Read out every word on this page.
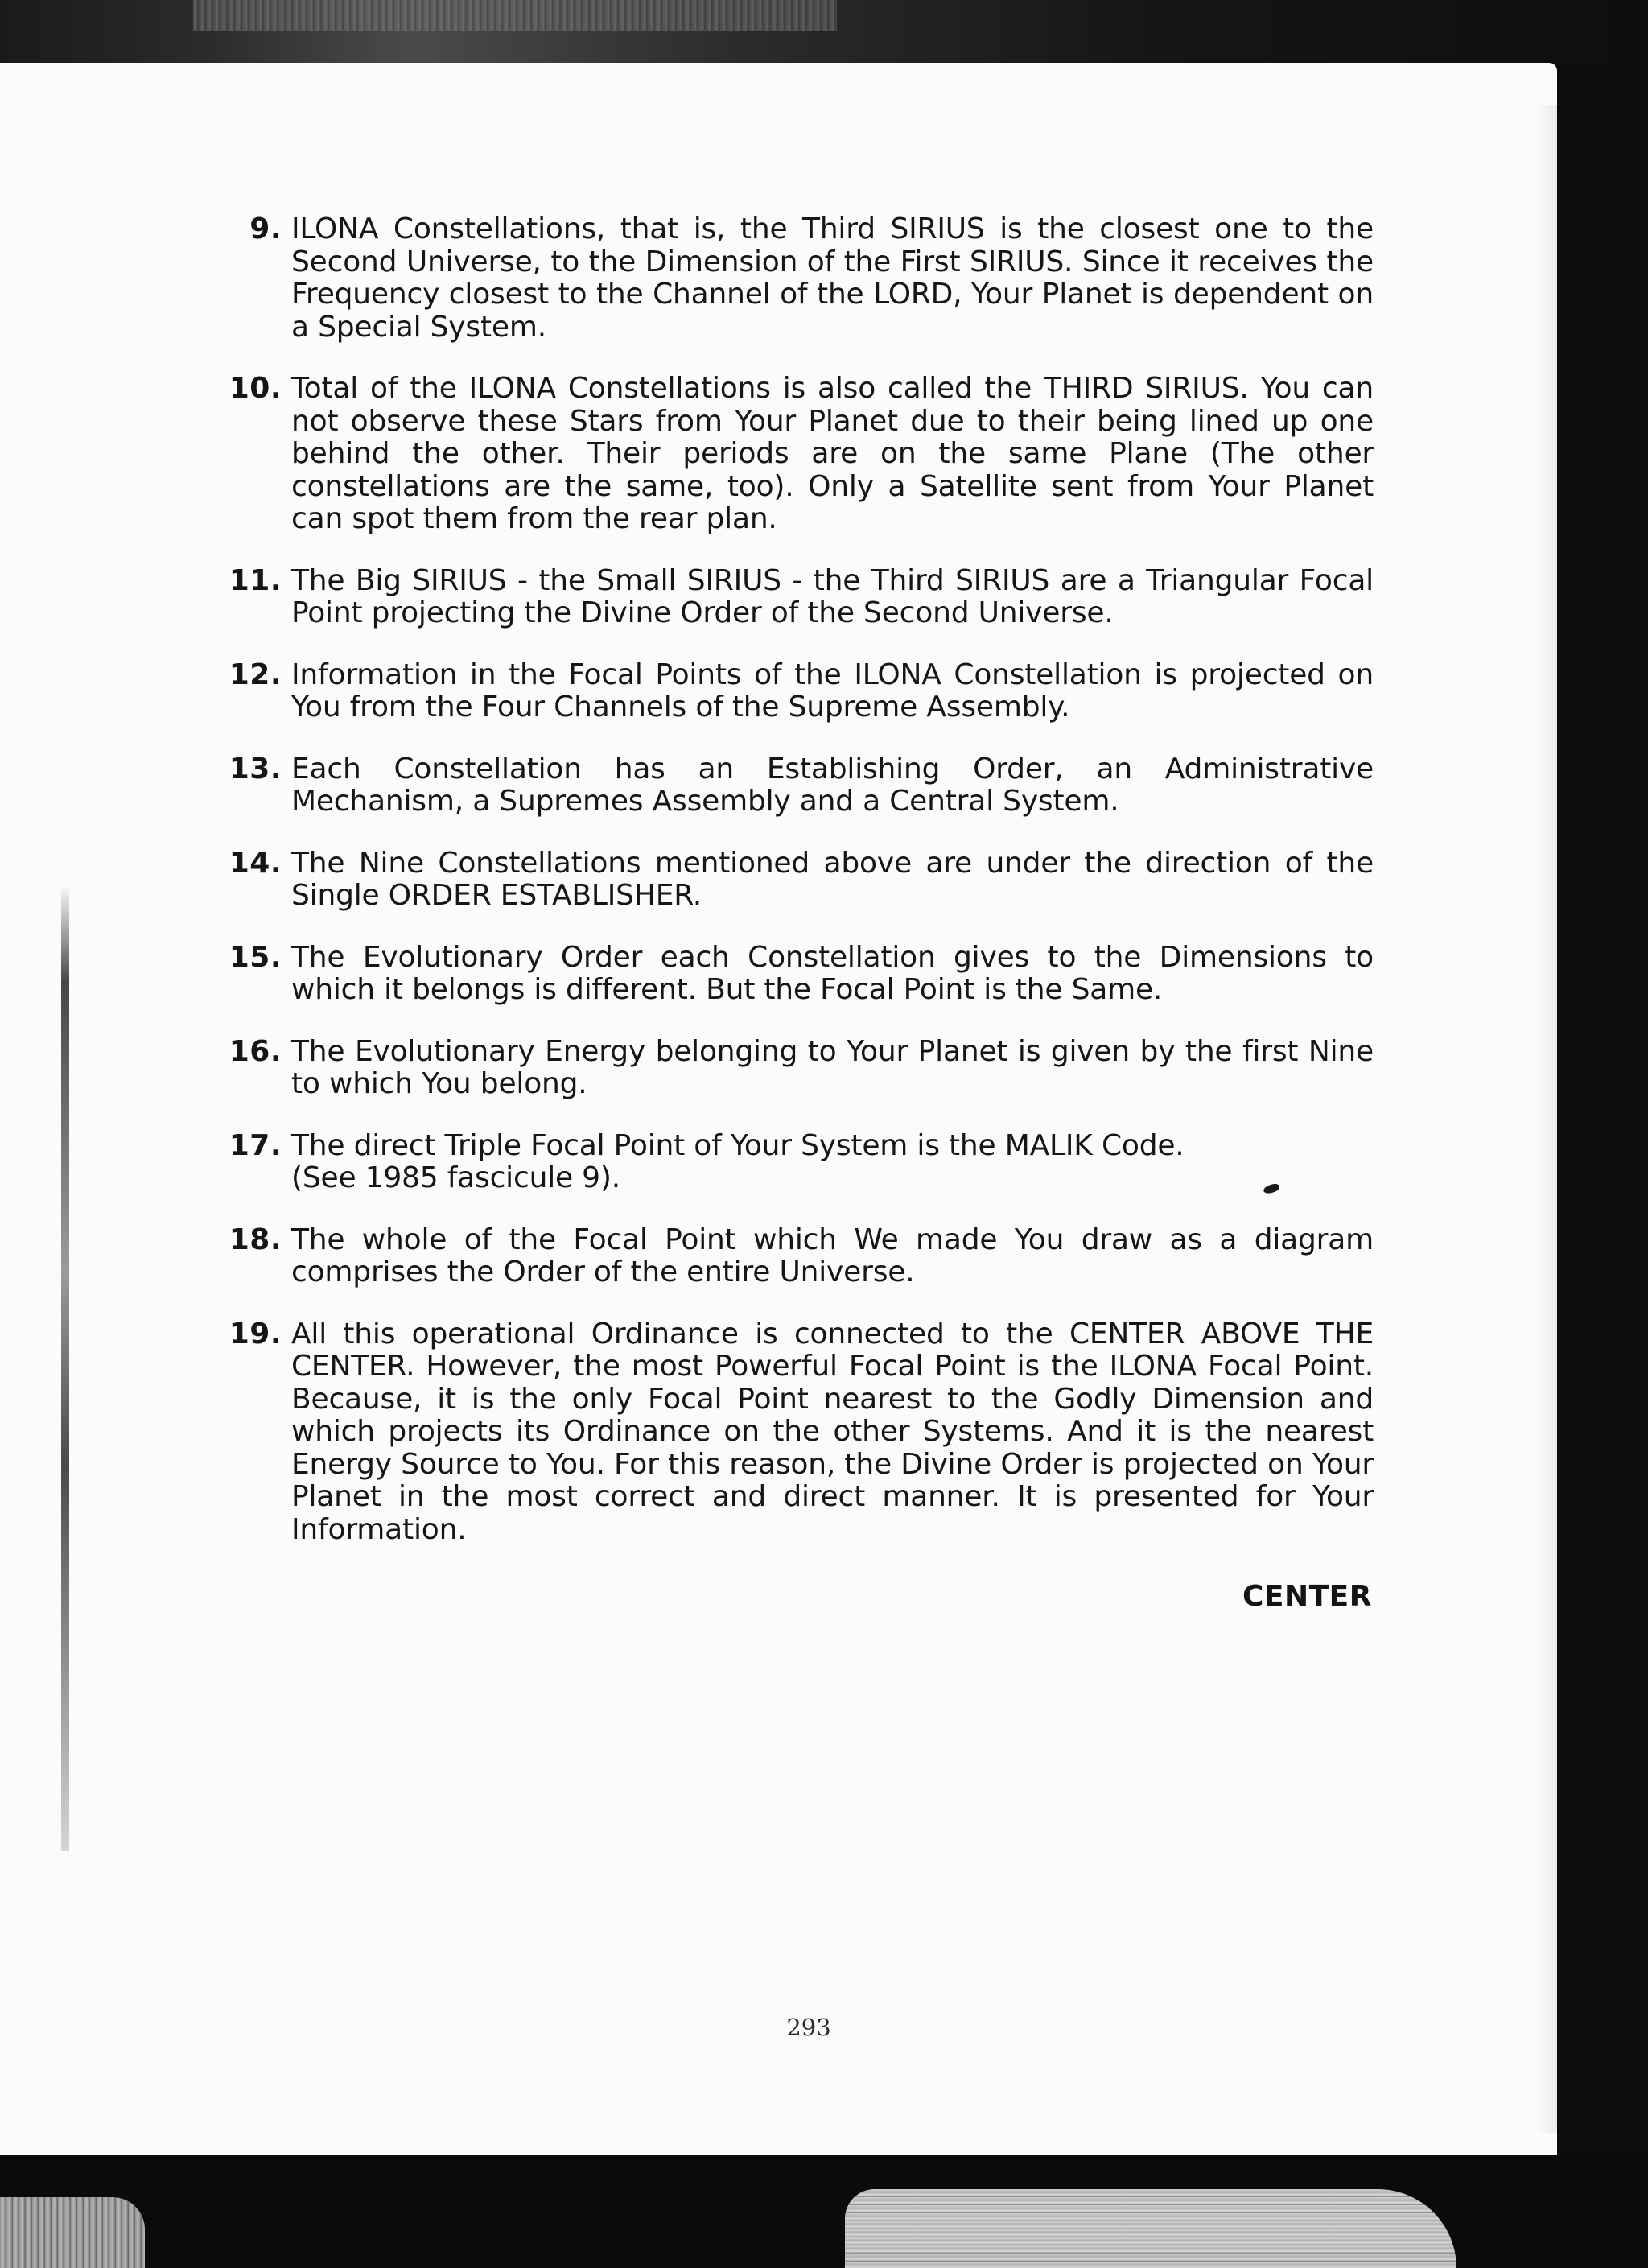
9. ILONA Constellations, that is, the Third SIRIUS is the closest one to the Second Universe, to the Dimension of the First SIRIUS. Since it receives the Frequency closest to the Channel of the LORD, Your Planet is dependent on a Special System.
10. Total of the ILONA Constellations is also called the THIRD SIRIUS. You can not observe these Stars from Your Planet due to their being lined up one behind the other. Their periods are on the same Plane (The other constellations are the same, too). Only a Satellite sent from Your Planet can spot them from the rear plan.
11. The Big SIRIUS - the Small SIRIUS - the Third SIRIUS are a Triangular Focal Point projecting the Divine Order of the Second Universe.
12. Information in the Focal Points of the ILONA Constellation is projected on You from the Four Channels of the Supreme Assembly.
13. Each Constellation has an Establishing Order, an Administrative Mechanism, a Supremes Assembly and a Central System.
14. The Nine Constellations mentioned above are under the direction of the Single ORDER ESTABLISHER.
15. The Evolutionary Order each Constellation gives to the Dimensions to which it belongs is different. But the Focal Point is the Same.
16. The Evolutionary Energy belonging to Your Planet is given by the first Nine to which You belong.
17. The direct Triple Focal Point of Your System is the MALIK Code.
(See 1985 fascicule 9).
18. The whole of the Focal Point which We made You draw as a diagram comprises the Order of the entire Universe.
19. All this operational Ordinance is connected to the CENTER ABOVE THE CENTER. However, the most Powerful Focal Point is the ILONA Focal Point. Because, it is the only Focal Point nearest to the Godly Dimension and which projects its Ordinance on the other Systems. And it is the nearest Energy Source to You. For this reason, the Divine Order is projected on Your Planet in the most correct and direct manner. It is presented for Your Information.
CENTER
293
